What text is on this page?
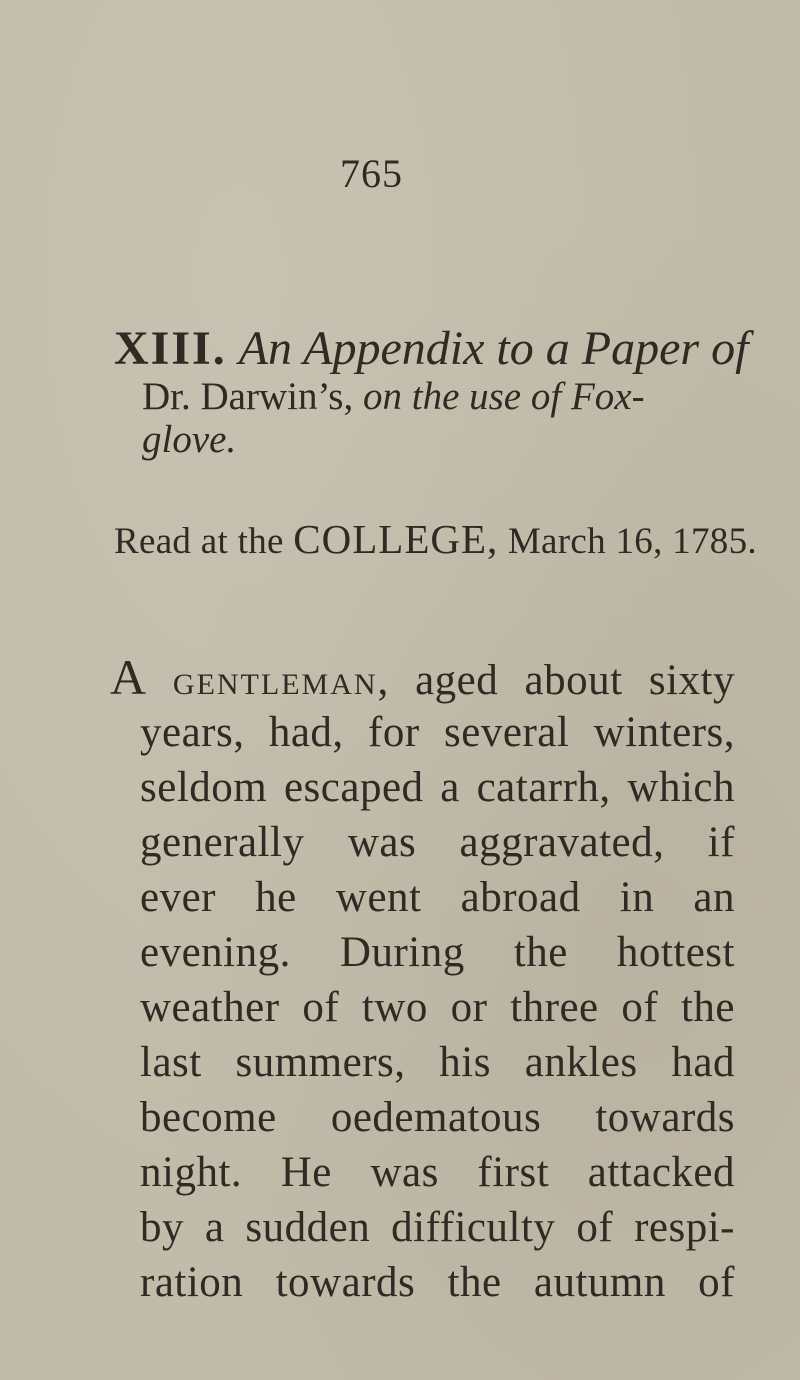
765
XIII. An Appendix to a Paper of
Dr. Darwin’s, on the use of Fox-
glove.
Read at the COLLEGE, March 16, 1785.
A gentleman, aged about sixty
years, had, for several winters,
seldom escaped a catarrh, which
generally was aggravated, if
ever he went abroad in an
evening. During the hottest
weather of two or three of the
last summers, his ankles had
become oedematous towards
night. He was first attacked
by a sudden difficulty of respi-
ration towards the autumn of
